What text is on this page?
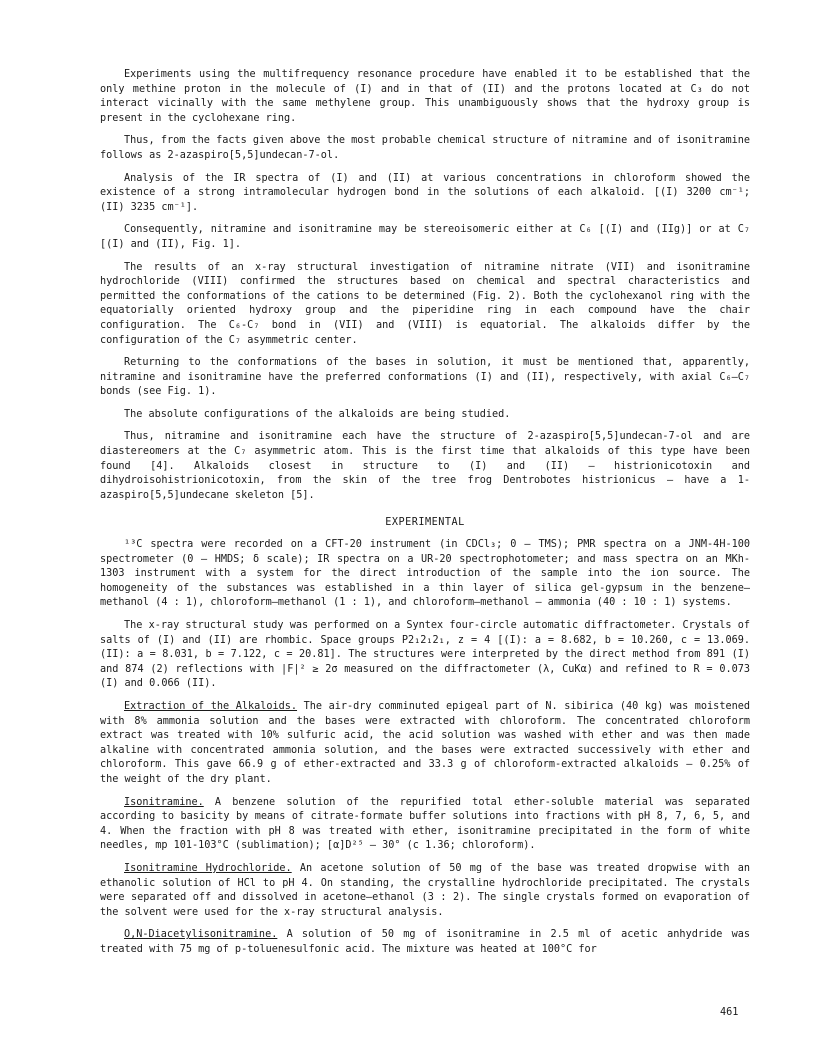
Experiments using the multifrequency resonance procedure have enabled it to be established that the only methine proton in the molecule of (I) and in that of (II) and the protons located at C₃ do not interact vicinally with the same methylene group. This unambiguously shows that the hydroxy group is present in the cyclohexane ring.

Thus, from the facts given above the most probable chemical structure of nitramine and of isonitramine follows as 2-azaspiro[5,5]undecan-7-ol.

Analysis of the IR spectra of (I) and (II) at various concentrations in chloroform showed the existence of a strong intramolecular hydrogen bond in the solutions of each alkaloid. [(I) 3200 cm⁻¹; (II) 3235 cm⁻¹].

Consequently, nitramine and isonitramine may be stereoisomeric either at C₆ [(I) and (IIg)] or at C₇ [(I) and (II), Fig. 1].

The results of an x-ray structural investigation of nitramine nitrate (VII) and isonitramine hydrochloride (VIII) confirmed the structures based on chemical and spectral characteristics and permitted the conformations of the cations to be determined (Fig. 2). Both the cyclohexanol ring with the equatorially oriented hydroxy group and the piperidine ring in each compound have the chair configuration. The C₆-C₇ bond in (VII) and (VIII) is equatorial. The alkaloids differ by the configuration of the C₇ asymmetric center.

Returning to the conformations of the bases in solution, it must be mentioned that, apparently, nitramine and isonitramine have the preferred conformations (I) and (II), respectively, with axial C₆–C₇ bonds (see Fig. 1).

The absolute configurations of the alkaloids are being studied.

Thus, nitramine and isonitramine each have the structure of 2-azaspiro[5,5]undecan-7-ol and are diastereomers at the C₇ asymmetric atom. This is the first time that alkaloids of this type have been found [4]. Alkaloids closest in structure to (I) and (II) — histrionicotoxin and dihydroisohistrionicotoxin, from the skin of the tree frog Dentrobotes histrionicus — have a 1-azaspiro[5,5]undecane skeleton [5].

EXPERIMENTAL

¹³C spectra were recorded on a CFT-20 instrument (in CDCl₃; 0 — TMS); PMR spectra on a JNM-4H-100 spectrometer (0 — HMDS; δ scale); IR spectra on a UR-20 spectrophotometer; and mass spectra on an MKh-1303 instrument with a system for the direct introduction of the sample into the ion source. The homogeneity of the substances was established in a thin layer of silica gel-gypsum in the benzene—methanol (4 : 1), chloroform—methanol (1 : 1), and chloroform—methanol — ammonia (40 : 10 : 1) systems.

The x-ray structural study was performed on a Syntex four-circle automatic diffractometer. Crystals of salts of (I) and (II) are rhombic. Space groups P2₁2₁2₁, z = 4 [(I): a = 8.682, b = 10.260, c = 13.069. (II): a = 8.031, b = 7.122, c = 20.81]. The structures were interpreted by the direct method from 891 (I) and 874 (2) reflections with |F|² ≥ 2σ measured on the diffractometer (λ, CuKα) and refined to R = 0.073 (I) and 0.066 (II).

Extraction of the Alkaloids. The air-dry comminuted epigeal part of N. sibirica (40 kg) was moistened with 8% ammonia solution and the bases were extracted with chloroform. The concentrated chloroform extract was treated with 10% sulfuric acid, the acid solution was washed with ether and was then made alkaline with concentrated ammonia solution, and the bases were extracted successively with ether and chloroform. This gave 66.9 g of ether-extracted and 33.3 g of chloroform-extracted alkaloids — 0.25% of the weight of the dry plant.

Isonitramine. A benzene solution of the repurified total ether-soluble material was separated according to basicity by means of citrate-formate buffer solutions into fractions with pH 8, 7, 6, 5, and 4. When the fraction with pH 8 was treated with ether, isonitramine precipitated in the form of white needles, mp 101-103°C (sublimation); [α]D²⁵ — 30° (c 1.36; chloroform).

Isonitramine Hydrochloride. An acetone solution of 50 mg of the base was treated dropwise with an ethanolic solution of HCl to pH 4. On standing, the crystalline hydrochloride precipitated. The crystals were separated off and dissolved in acetone—ethanol (3 : 2). The single crystals formed on evaporation of the solvent were used for the x-ray structural analysis.

O,N-Diacetylisonitramine. A solution of 50 mg of isonitramine in 2.5 ml of acetic anhydride was treated with 75 mg of p-toluenesulfonic acid. The mixture was heated at 100°C for

461
